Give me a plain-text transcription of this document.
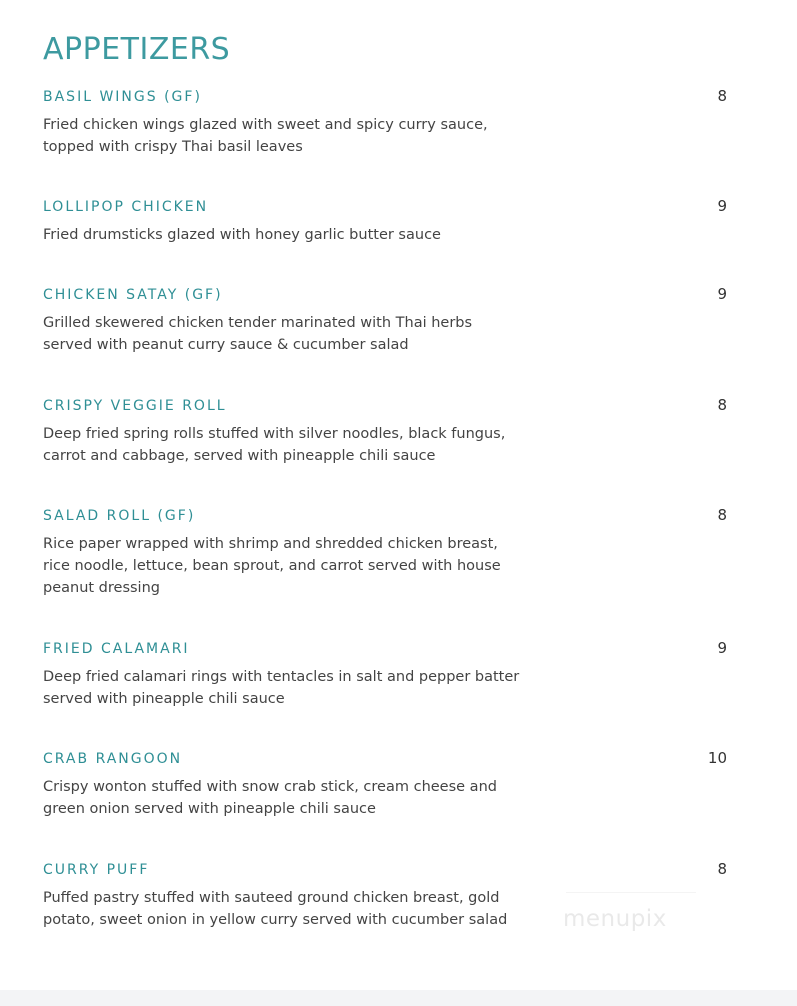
APPETIZERS
BASIL WINGS (GF)	8

Fried chicken wings glazed with sweet and spicy curry sauce,
topped with crispy Thai basil leaves

LOLLIPOP CHICKEN	9

Fried drumsticks glazed with honey garlic butter sauce

CHICKEN SATAY (GF)	9

Grilled skewered chicken tender marinated with Thai herbs
served with peanut curry sauce & cucumber salad

CRISPY VEGGIE ROLL	8

Deep fried spring rolls stuffed with silver noodles, black fungus,
carrot and cabbage, served with pineapple chili sauce

SALAD ROLL (GF)	8

Rice paper wrapped with shrimp and shredded chicken breast,
rice noodle, lettuce, bean sprout, and carrot served with house
peanut dressing

FRIED CALAMARI	9

Deep fried calamari rings with tentacles in salt and pepper batter
served with pineapple chili sauce

CRAB RANGOON	10

Crispy wonton stuffed with snow crab stick, cream cheese and
green onion served with pineapple chili sauce

CURRY PUFF	8

Puffed pastry stuffed with sauteed ground chicken breast, gold
potato, sweet onion in yellow curry served with cucumber salad	menupix
